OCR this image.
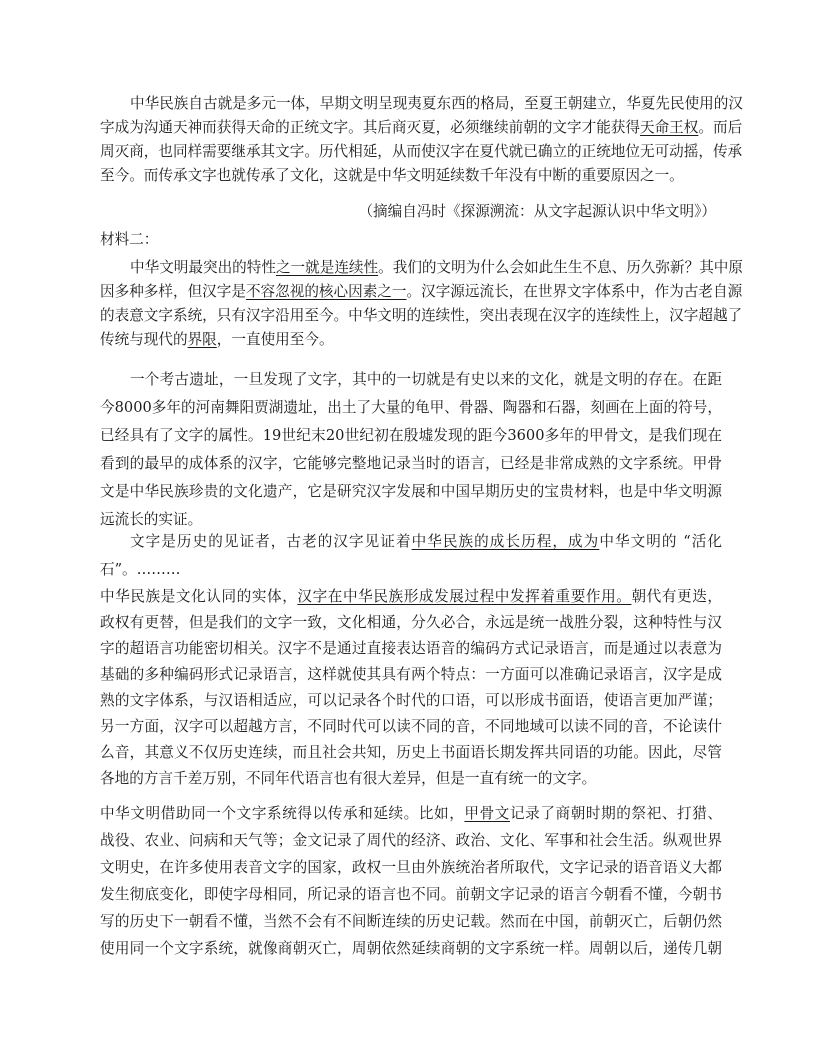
中华民族自古就是多元一体，早期文明呈现夷夏东西的格局，至夏王朝建立，华夏先民使用的汉
字成为沟通天神而获得天命的正统文字。其后商灭夏，必须继续前朝的文字才能获得天命王权。而后
周灭商，也同样需要继承其文字。历代相延，从而使汉字在夏代就已确立的正统地位无可动摇，传承
至今。而传承文字也就传承了文化，这就是中华文明延续数千年没有中断的重要原因之一。
（摘编自冯时《探源溯流：从文字起源认识中华文明》）
材料二：
中华文明最突出的特性之一就是连续性。我们的文明为什么会如此生生不息、历久弥新？其中原
因多种多样，但汉字是不容忽视的核心因素之一。汉字源远流长，在世界文字体系中，作为古老自源
的表意文字系统，只有汉字沿用至今。中华文明的连续性，突出表现在汉字的连续性上，汉字超越了
传统与现代的界限，一直使用至今。
一个考古遗址，一旦发现了文字，其中的一切就是有史以来的文化，就是文明的存在。在距
今8000多年的河南舞阳贾湖遗址，出土了大量的龟甲、骨器、陶器和石器，刻画在上面的符号，
已经具有了文字的属性。19世纪末20世纪初在殷墟发现的距今3600多年的甲骨文，是我们现在
看到的最早的成体系的汉字，它能够完整地记录当时的语言，已经是非常成熟的文字系统。甲骨
文是中华民族珍贵的文化遗产，它是研究汉字发展和中国早期历史的宝贵材料，也是中华文明源
远流长的实证。
文字是历史的见证者，古老的汉字见证着中华民族的成长历程，成为中华文明的 “活化
石”。………
中华民族是文化认同的实体，汉字在中华民族形成发展过程中发挥着重要作用。朝代有更迭，
政权有更替，但是我们的文字一致，文化相通，分久必合，永远是统一战胜分裂，这种特性与汉
字的超语言功能密切相关。汉字不是通过直接表达语音的编码方式记录语言，而是通过以表意为
基础的多种编码形式记录语言，这样就使其具有两个特点：一方面可以准确记录语言，汉字是成
熟的文字体系，与汉语相适应，可以记录各个时代的口语，可以形成书面语，使语言更加严谨；
另一方面，汉字可以超越方言，不同时代可以读不同的音，不同地域可以读不同的音，不论读什
么音，其意义不仅历史连续，而且社会共知，历史上书面语长期发挥共同语的功能。因此，尽管
各地的方言千差万别，不同年代语言也有很大差异，但是一直有统一的文字。
中华文明借助同一个文字系统得以传承和延续。比如，甲骨文记录了商朝时期的祭祀、打猎、
战役、农业、问病和天气等；金文记录了周代的经济、政治、文化、军事和社会生活。纵观世界
文明史，在许多使用表音文字的国家，政权一旦由外族统治者所取代，文字记录的语音语义大都
发生彻底变化，即使字母相同，所记录的语言也不同。前朝文字记录的语言今朝看不懂，今朝书
写的历史下一朝看不懂，当然不会有不间断连续的历史记载。然而在中国，前朝灭亡，后朝仍然
使用同一个文字系统，就像商朝灭亡，周朝依然延续商朝的文字系统一样。周朝以后，递传几朝
